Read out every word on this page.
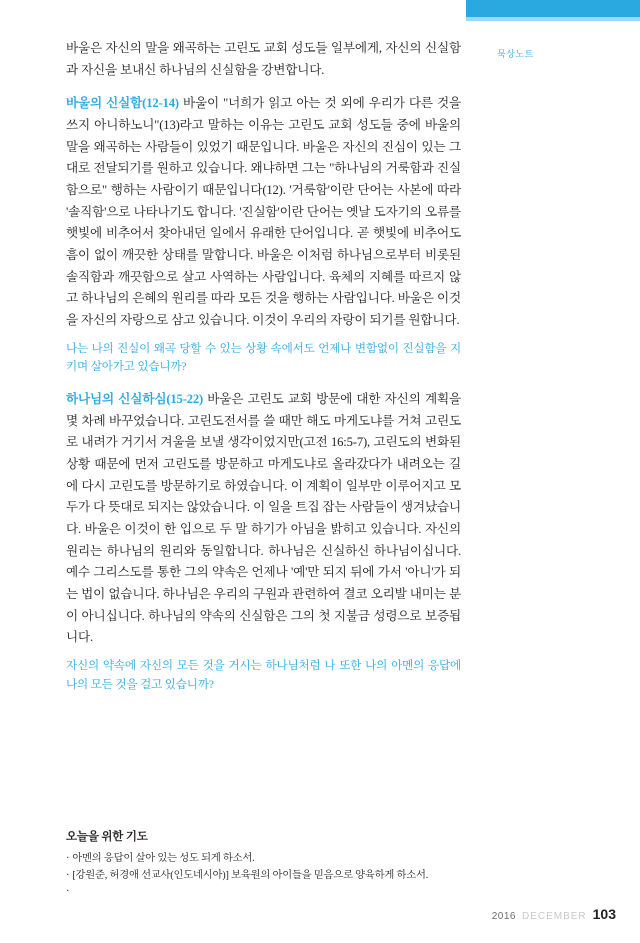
묵상노트

바울은 자신의 말을 왜곡하는 고린도 교회 성도들 일부에게, 자신의 신실함과 자신을 보내신 하나님의 신실함을 강변합니다.

바울의 신실함(12-14) 바울이 "너희가 읽고 아는 것 외에 우리가 다른 것을 쓰지 아니하노니"(13)라고 말하는 이유는 고린도 교회 성도들 중에 바울의 말을 왜곡하는 사람들이 있었기 때문입니다. 바울은 자신의 진심이 있는 그대로 전달되기를 원하고 있습니다. 왜냐하면 그는 "하나님의 거룩함과 진실함으로" 행하는 사람이기 때문입니다(12). '거룩함'이란 단어는 사본에 따라 '솔직함'으로 나타나기도 합니다. '진실함'이란 단어는 옛날 도자기의 오류를 햇빛에 비추어서 찾아내던 일에서 유래한 단어입니다. 곧 햇빛에 비추어도 흠이 없이 깨끗한 상태를 말합니다. 바울은 이처럼 하나님으로부터 비롯된 솔직함과 깨끗함으로 살고 사역하는 사람입니다. 육체의 지혜를 따르지 않고 하나님의 은혜의 원리를 따라 모든 것을 행하는 사람입니다. 바울은 이것을 자신의 자랑으로 삼고 있습니다. 이것이 우리의 자랑이 되기를 원합니다.

나는 나의 진실이 왜곡 당할 수 있는 상황 속에서도 언제나 변함없이 진실함을 지키며 살아가고 있습니까?

하나님의 신실하심(15-22) 바울은 고린도 교회 방문에 대한 자신의 계획을 몇 차례 바꾸었습니다. 고린도전서를 쓸 때만 해도 마게도냐를 거쳐 고린도로 내려가 거기서 겨울을 보낼 생각이었지만(고전 16:5-7), 고린도의 변화된 상황 때문에 먼저 고린도를 방문하고 마게도냐로 올라갔다가 내려오는 길에 다시 고린도를 방문하기로 하였습니다. 이 계획이 일부만 이루어지고 모두가 다 뜻대로 되지는 않았습니다. 이 일을 트집 잡는 사람들이 생겨났습니다. 바울은 이것이 한 입으로 두 말 하기가 아님을 밝히고 있습니다. 자신의 원리는 하나님의 원리와 동일합니다. 하나님은 신실하신 하나님이십니다. 예수 그리스도를 통한 그의 약속은 언제나 '예'만 되지 뒤에 가서 '아니'가 되는 법이 없습니다. 하나님은 우리의 구원과 관련하여 결코 오리발 내미는 분이 아니십니다. 하나님의 약속의 신실함은 그의 첫 지불금 성령으로 보증됩니다.

자신의 약속에 자신의 모든 것을 거시는 하나님처럼 나 또한 나의 아멘의 응답에 나의 모든 것을 걸고 있습니까?

오늘을 위한 기도
· 아멘의 응답이 살아 있는 성도 되게 하소서.
· [강원준, 허경애 선교사(인도네시아)] 보육원의 아이들을 믿음으로 양육하게 하소서.
·
2016 DECEMBER 103
